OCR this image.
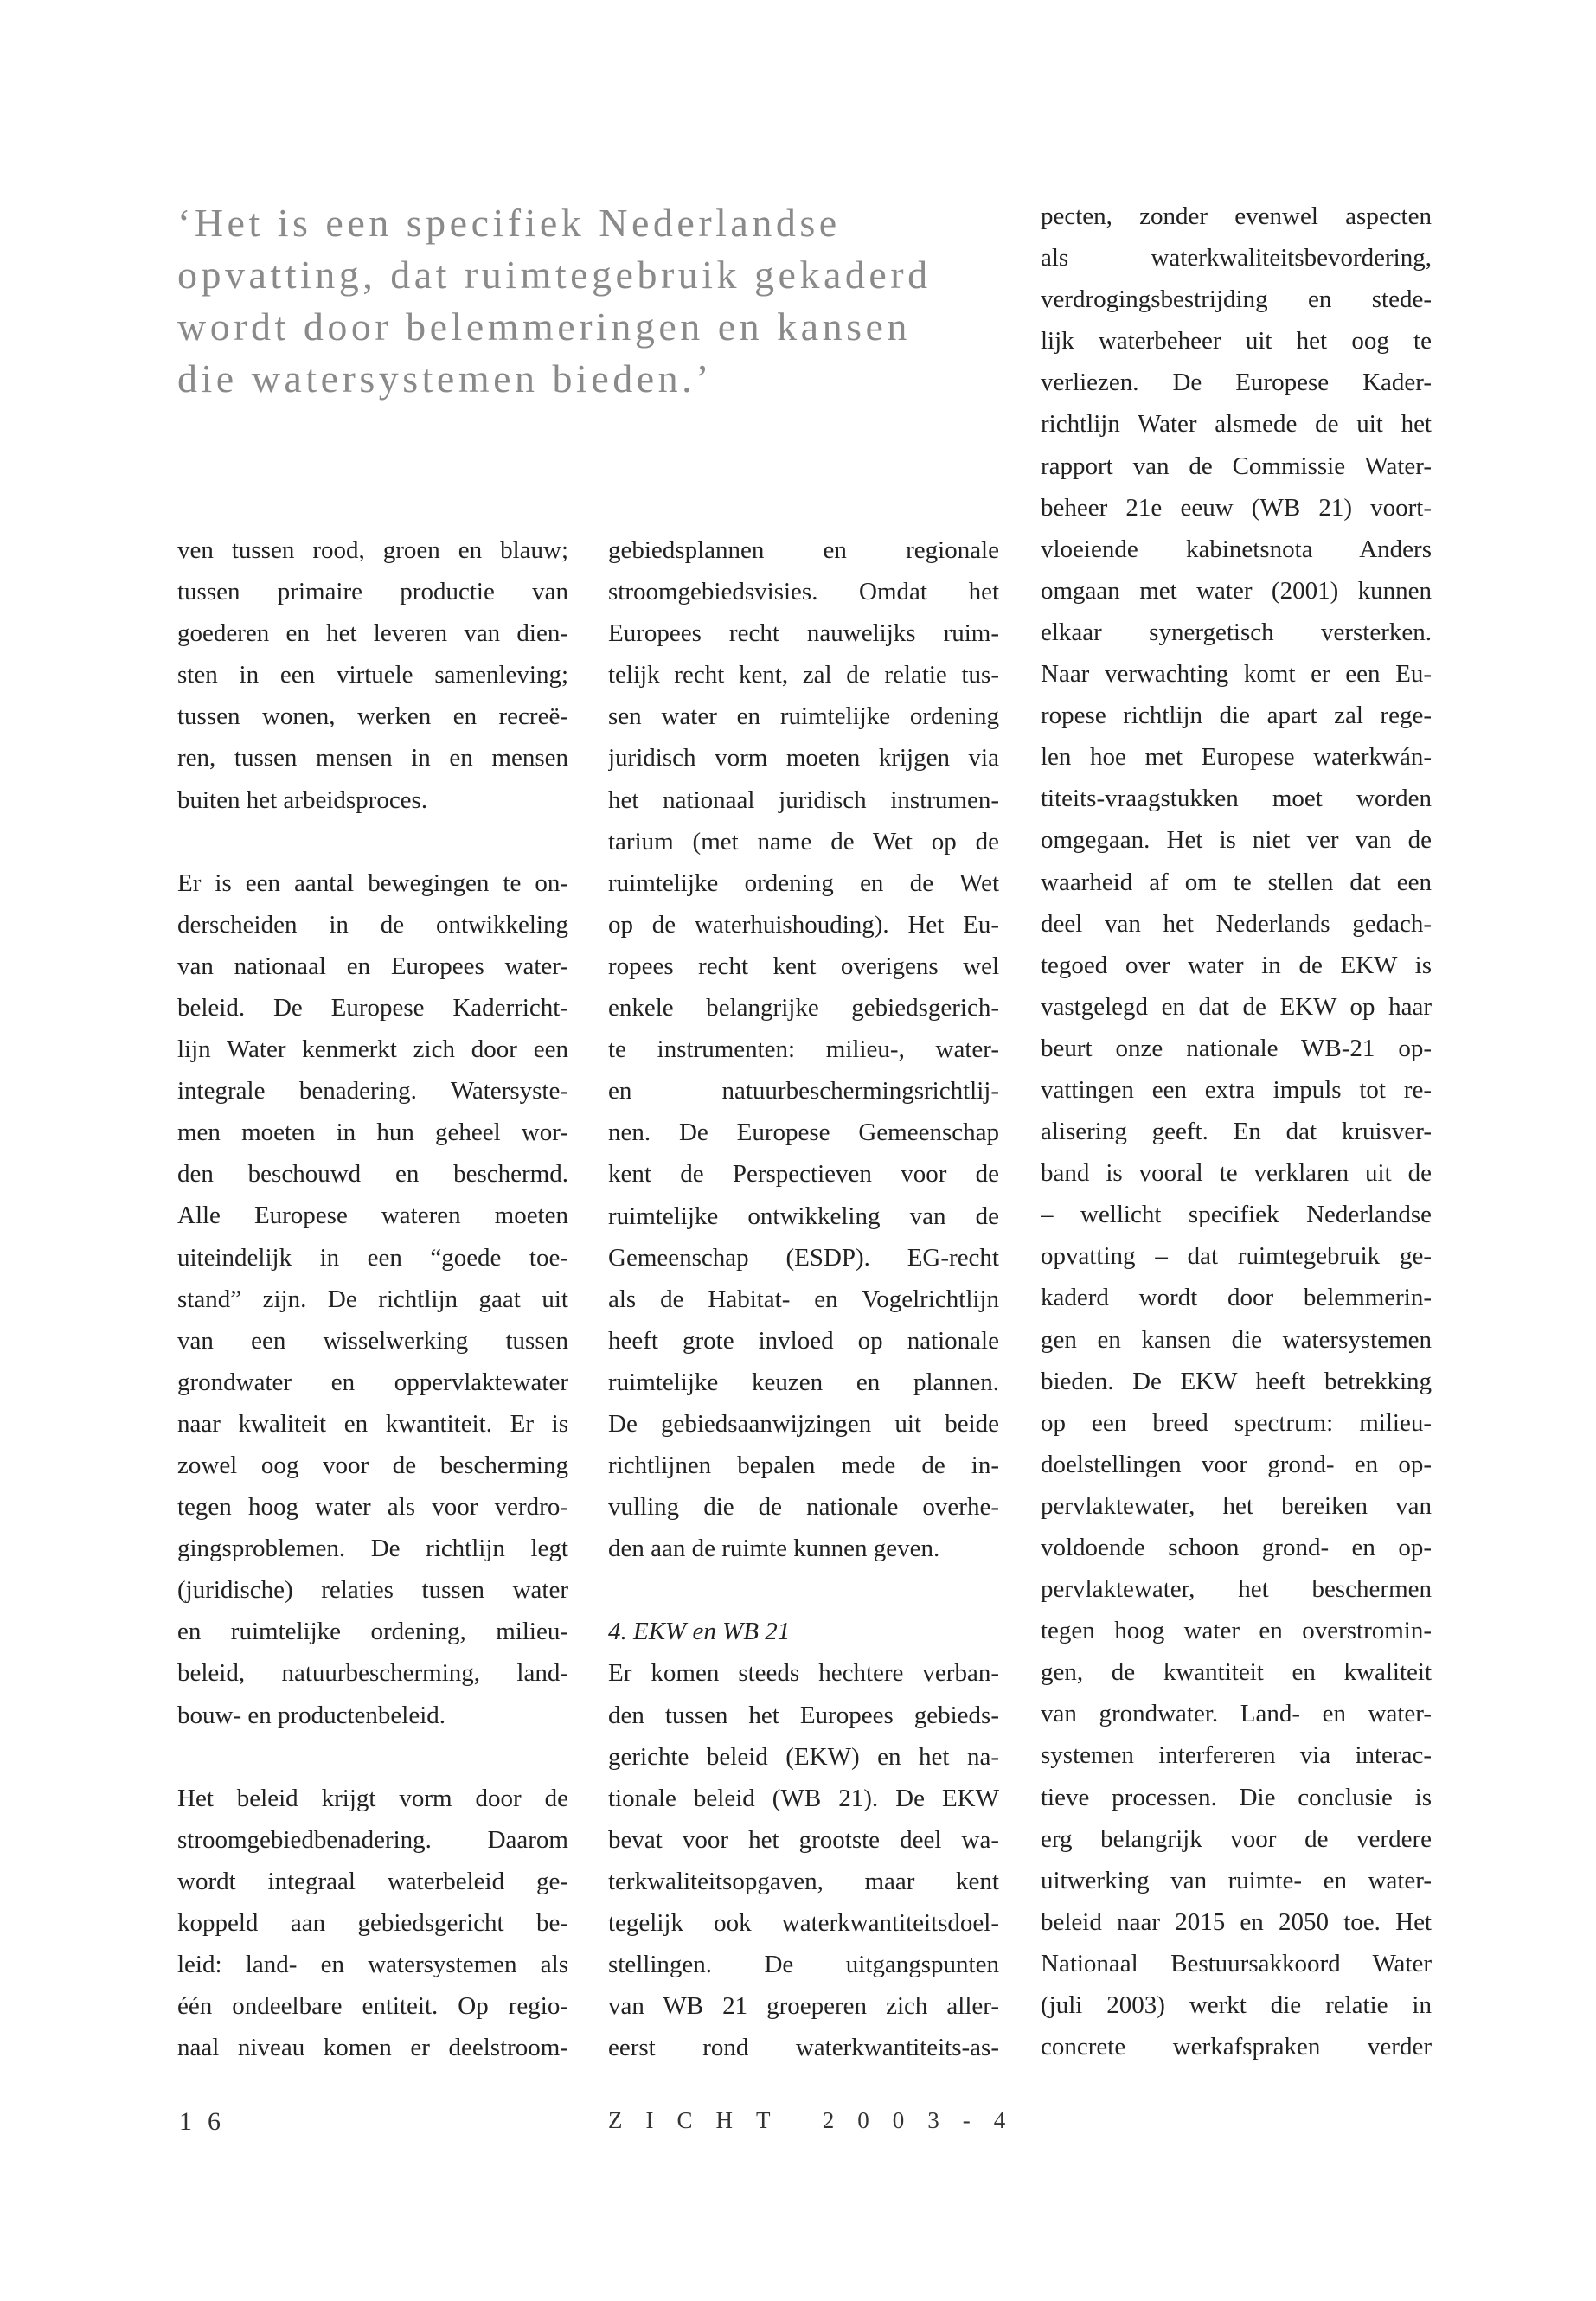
‘Het is een specifiek Nederlandse
opvatting, dat ruimtegebruik gekaderd
wordt door belemmeringen en kansen
die watersystemen bieden.’

ven tussen rood, groen en blauw;
tussen primaire productie van
goederen en het leveren van dien-
sten in een virtuele samenleving;
tussen wonen, werken en recreë-
ren, tussen mensen in en mensen
buiten het arbeidsproces.

Er is een aantal bewegingen te on-
derscheiden in de ontwikkeling
van nationaal en Europees water-
beleid. De Europese Kaderricht-
lijn Water kenmerkt zich door een
integrale benadering. Watersyste-
men moeten in hun geheel wor-
den beschouwd en beschermd.
Alle Europese wateren moeten
uiteindelijk in een “goede toe-
stand” zijn. De richtlijn gaat uit
van een wisselwerking tussen
grondwater en oppervlaktewater
naar kwaliteit en kwantiteit. Er is
zowel oog voor de bescherming
tegen hoog water als voor verdro-
gingsproblemen. De richtlijn legt
(juridische) relaties tussen water
en ruimtelijke ordening, milieu-
beleid, natuurbescherming, land-
bouw- en productenbeleid.

Het beleid krijgt vorm door de
stroomgebiedbenadering. Daarom
wordt integraal waterbeleid ge-
koppeld aan gebiedsgericht be-
leid: land- en watersystemen als
één ondeelbare entiteit. Op regio-
naal niveau komen er deelstroom-

gebiedsplannen en regionale
stroomgebiedsvisies. Omdat het
Europees recht nauwelijks ruim-
telijk recht kent, zal de relatie tus-
sen water en ruimtelijke ordening
juridisch vorm moeten krijgen via
het nationaal juridisch instrumen-
tarium (met name de Wet op de
ruimtelijke ordening en de Wet
op de waterhuishouding). Het Eu-
ropees recht kent overigens wel
enkele belangrijke gebiedsgerich-
te instrumenten: milieu-, water-
en natuurbeschermingsrichtlij-
nen. De Europese Gemeenschap
kent de Perspectieven voor de
ruimtelijke ontwikkeling van de
Gemeenschap (ESDP). EG-recht
als de Habitat- en Vogelrichtlijn
heeft grote invloed op nationale
ruimtelijke keuzen en plannen.
De gebiedsaanwijzingen uit beide
richtlijnen bepalen mede de in-
vulling die de nationale overhe-
den aan de ruimte kunnen geven.

4. EKW en WB 21

Er komen steeds hechtere verban-
den tussen het Europees gebieds-
gerichte beleid (EKW) en het na-
tionale beleid (WB 21). De EKW
bevat voor het grootste deel wa-
terkwaliteitsopgaven, maar kent
tegelijk ook waterkwantiteitsdoel-
stellingen. De uitgangspunten
van WB 21 groeperen zich aller-
eerst rond waterkwantiteits-as-

pecten, zonder evenwel aspecten
als waterkwaliteitsbevordering,
verdrogingsbestrijding en stede-
lijk waterbeheer uit het oog te
verliezen. De Europese Kader-
richtlijn Water alsmede de uit het
rapport van de Commissie Water-
beheer 21e eeuw (WB 21) voort-
vloeiende kabinetsnota Anders
omgaan met water (2001) kunnen
elkaar synergetisch versterken.
Naar verwachting komt er een Eu-
ropese richtlijn die apart zal rege-
len hoe met Europese waterkwán-
titeits-vraagstukken moet worden
omgegaan. Het is niet ver van de
waarheid af om te stellen dat een
deel van het Nederlands gedach-
tegoed over water in de EKW is
vastgelegd en dat de EKW op haar
beurt onze nationale WB-21 op-
vattingen een extra impuls tot re-
alisering geeft. En dat kruisver-
band is vooral te verklaren uit de
– wellicht specifiek Nederlandse
opvatting – dat ruimtegebruik ge-
kaderd wordt door belemmerin-
gen en kansen die watersystemen
bieden. De EKW heeft betrekking
op een breed spectrum: milieu-
doelstellingen voor grond- en op-
pervlaktewater, het bereiken van
voldoende schoon grond- en op-
pervlaktewater, het beschermen
tegen hoog water en overstromin-
gen, de kwantiteit en kwaliteit
van grondwater. Land- en water-
systemen interfereren via interac-
tieve processen. Die conclusie is
erg belangrijk voor de verdere
uitwerking van ruimte- en water-
beleid naar 2015 en 2050 toe. Het
Nationaal Bestuursakkoord Water
(juli 2003) werkt die relatie in
concrete werkafspraken verder

16	ZICHT 2003-4
